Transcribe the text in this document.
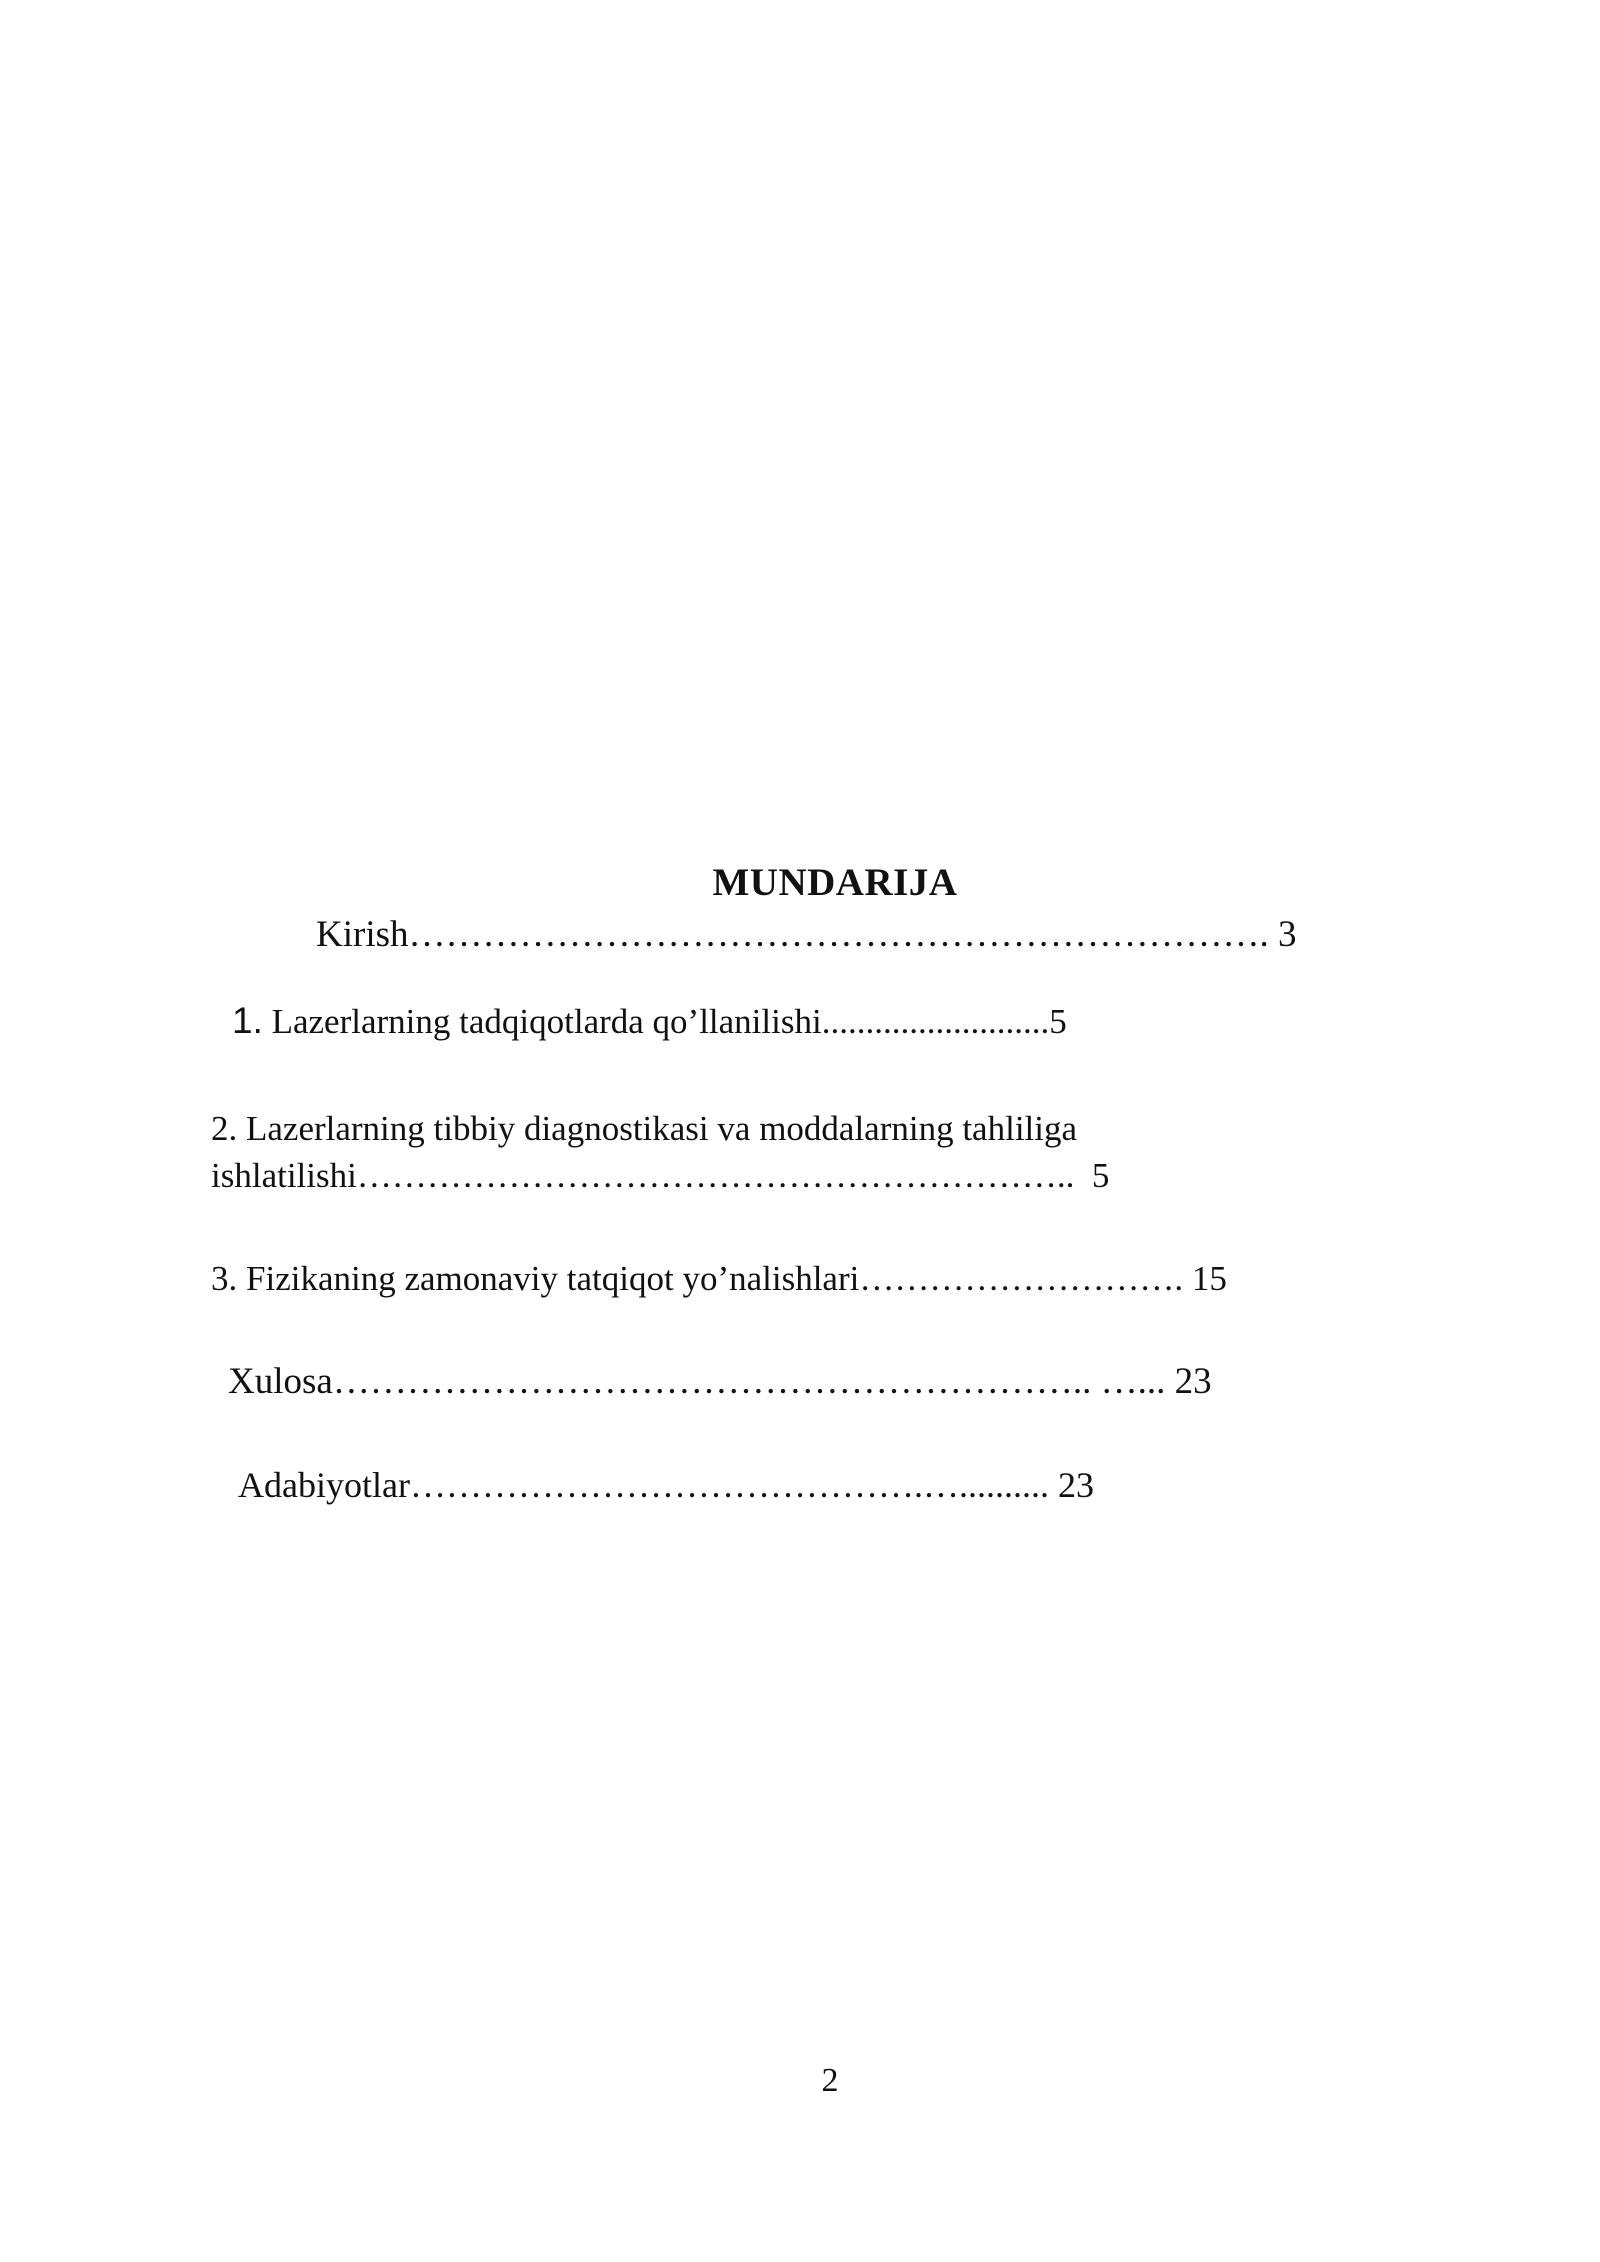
MUNDARIJA
Kirish……………………………………………………………. 3
1. Lazerlarning tadqiqotlarda qo’llanilishi..........................5
2. Lazerlarning tibbiy diagnostikasi va moddalarning tahliliga
ishlatilishi……………………………………………………..  5
3. Fizikaning zamonaviy tatqiqot yo’nalishlari………………………. 15
Xulosa…………………………………………………….. …... 23
Adabiyotlar…………………………………….….......... 23
2
